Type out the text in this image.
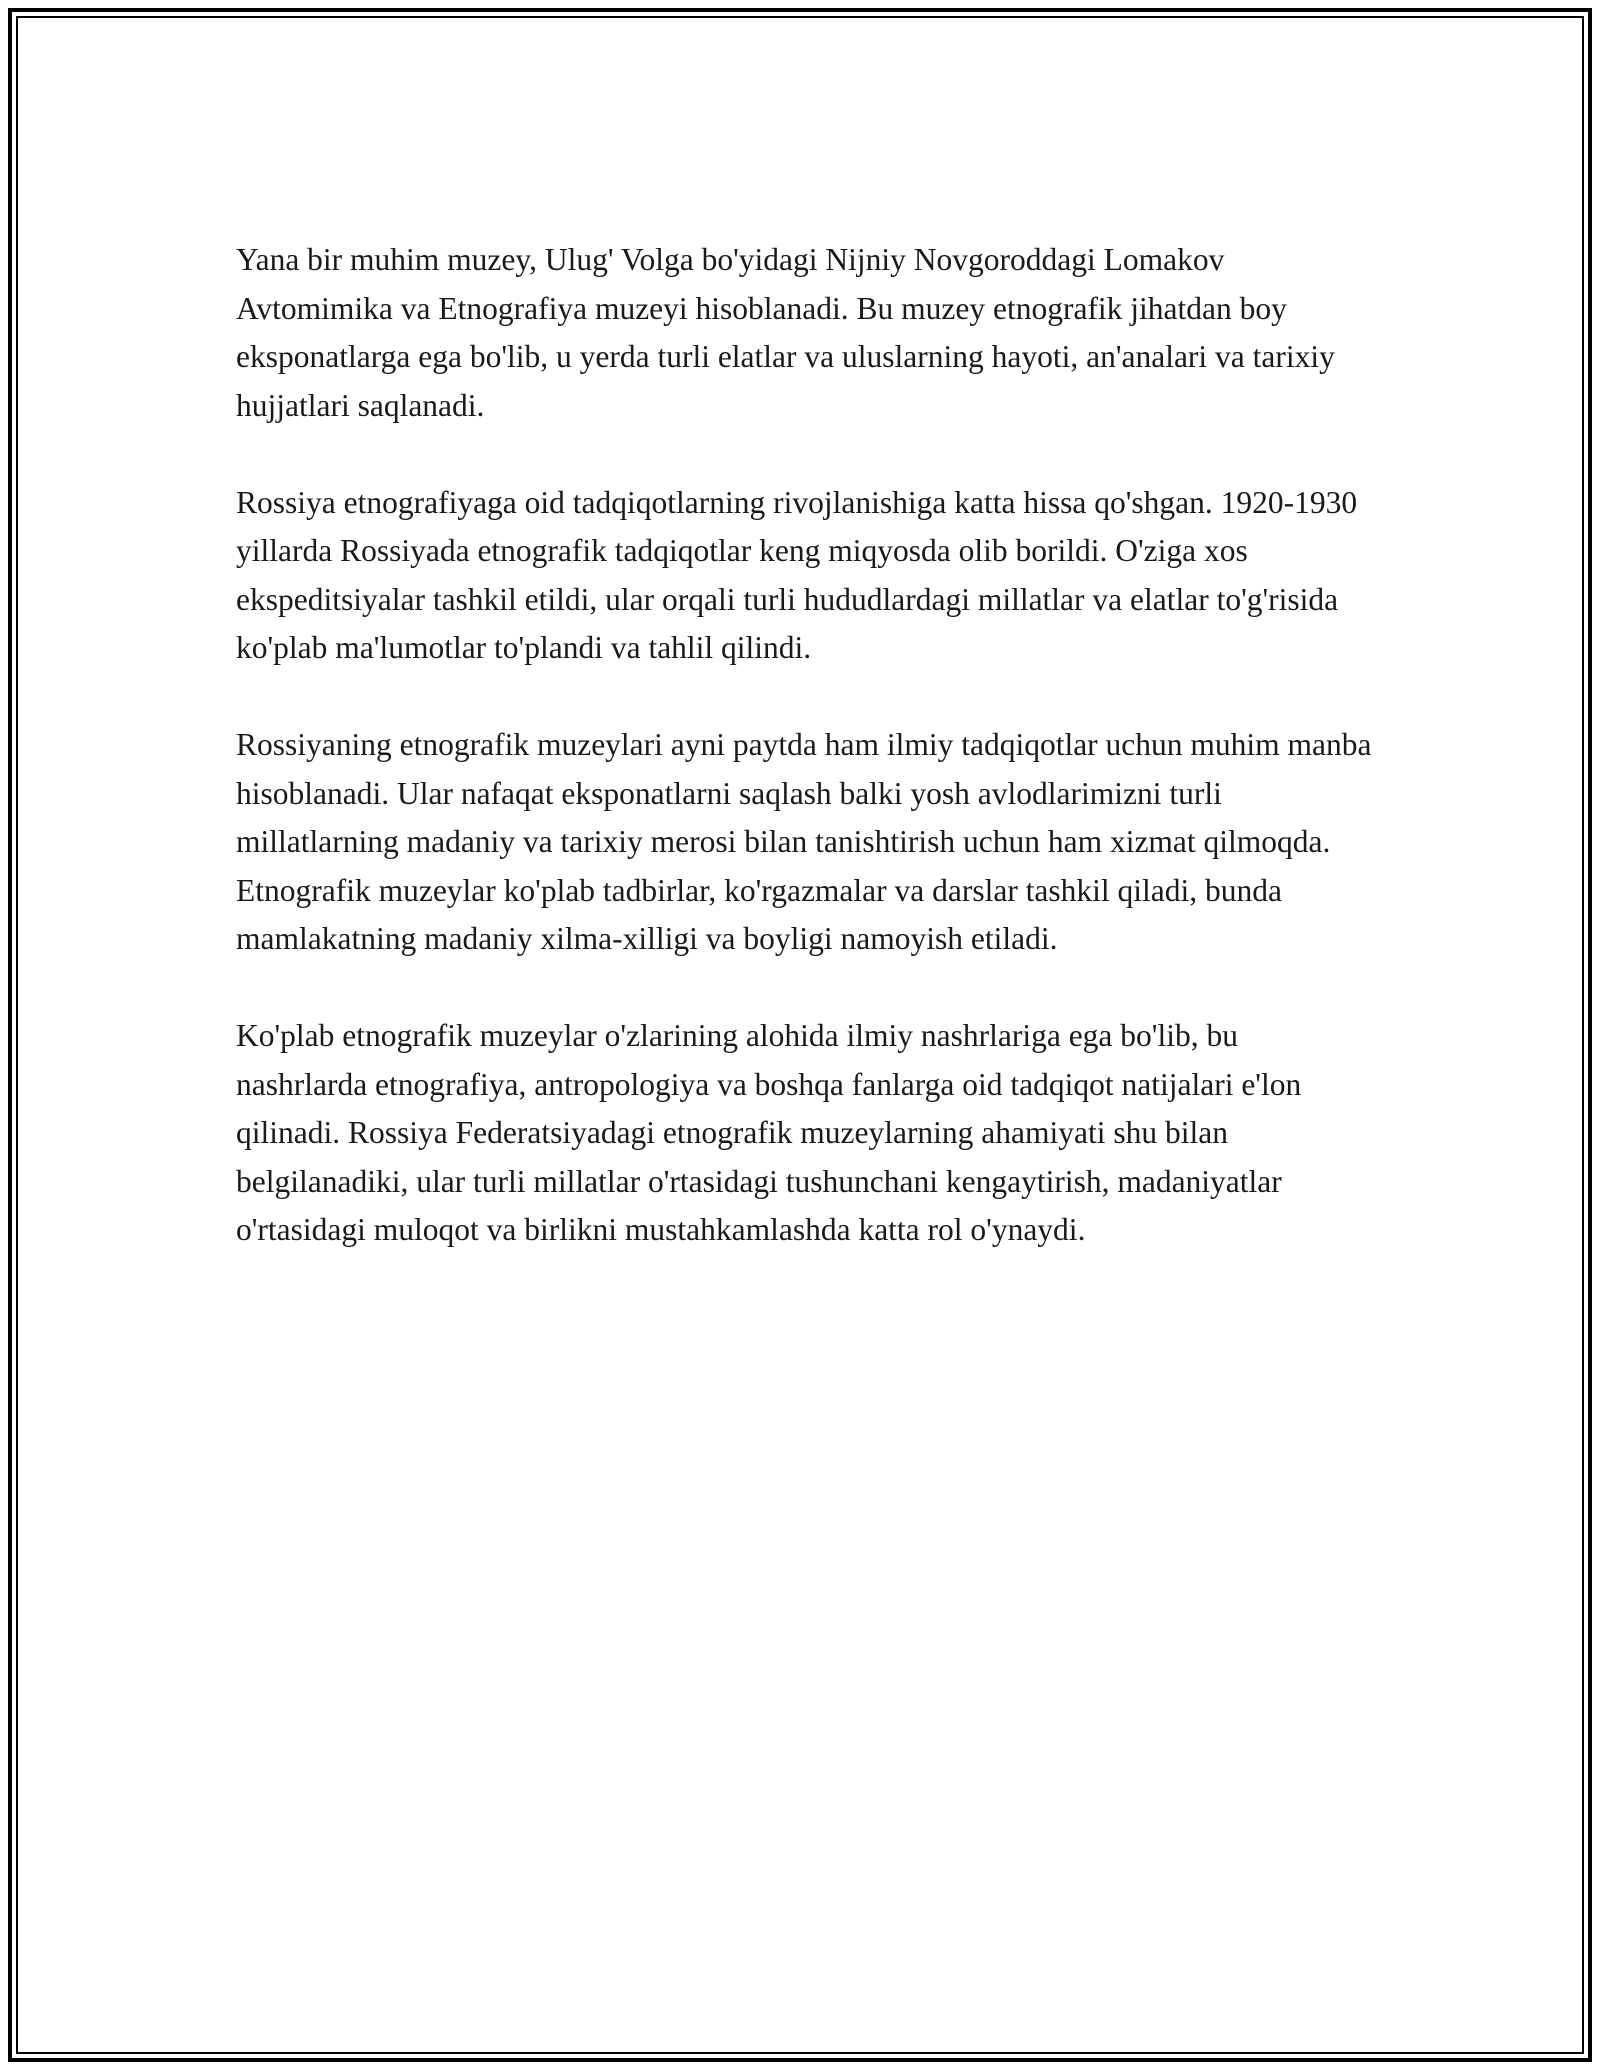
Yana bir muhim muzey, Ulug' Volga bo'yidagi Nijniy Novgoroddagi Lomakov Avtomimika va Etnografiya muzeyi hisoblanadi. Bu muzey etnografik jihatdan boy eksponatlarga ega bo'lib, u yerda turli elatlar va uluslarning hayoti, an'analari va tarixiy hujjatlari saqlanadi.

Rossiya etnografiyaga oid tadqiqotlarning rivojlanishiga katta hissa qo'shgan. 1920-1930 yillarda Rossiyada etnografik tadqiqotlar keng miqyosda olib borildi. O'ziga xos ekspeditsiyalar tashkil etildi, ular orqali turli hududlardagi millatlar va elatlar to'g'risida ko'plab ma'lumotlar to'plandi va tahlil qilindi.

Rossiyaning etnografik muzeylari ayni paytda ham ilmiy tadqiqotlar uchun muhim manba hisoblanadi. Ular nafaqat eksponatlarni saqlash balki yosh avlodlarimizni turli millatlarning madaniy va tarixiy merosi bilan tanishtirish uchun ham xizmat qilmoqda. Etnografik muzeylar ko'plab tadbirlar, ko'rgazmalar va darslar tashkil qiladi, bunda mamlakatning madaniy xilma-xilligi va boyligi namoyish etiladi.

Ko'plab etnografik muzeylar o'zlarining alohida ilmiy nashrlariga ega bo'lib, bu nashrlarda etnografiya, antropologiya va boshqa fanlarga oid tadqiqot natijalari e'lon qilinadi. Rossiya Federatsiyadagi etnografik muzeylarning ahamiyati shu bilan belgilanadiki, ular turli millatlar o'rtasidagi tushunchani kengaytirish, madaniyatlar o'rtasidagi muloqot va birlikni mustahkamlashda katta rol o'ynaydi.
